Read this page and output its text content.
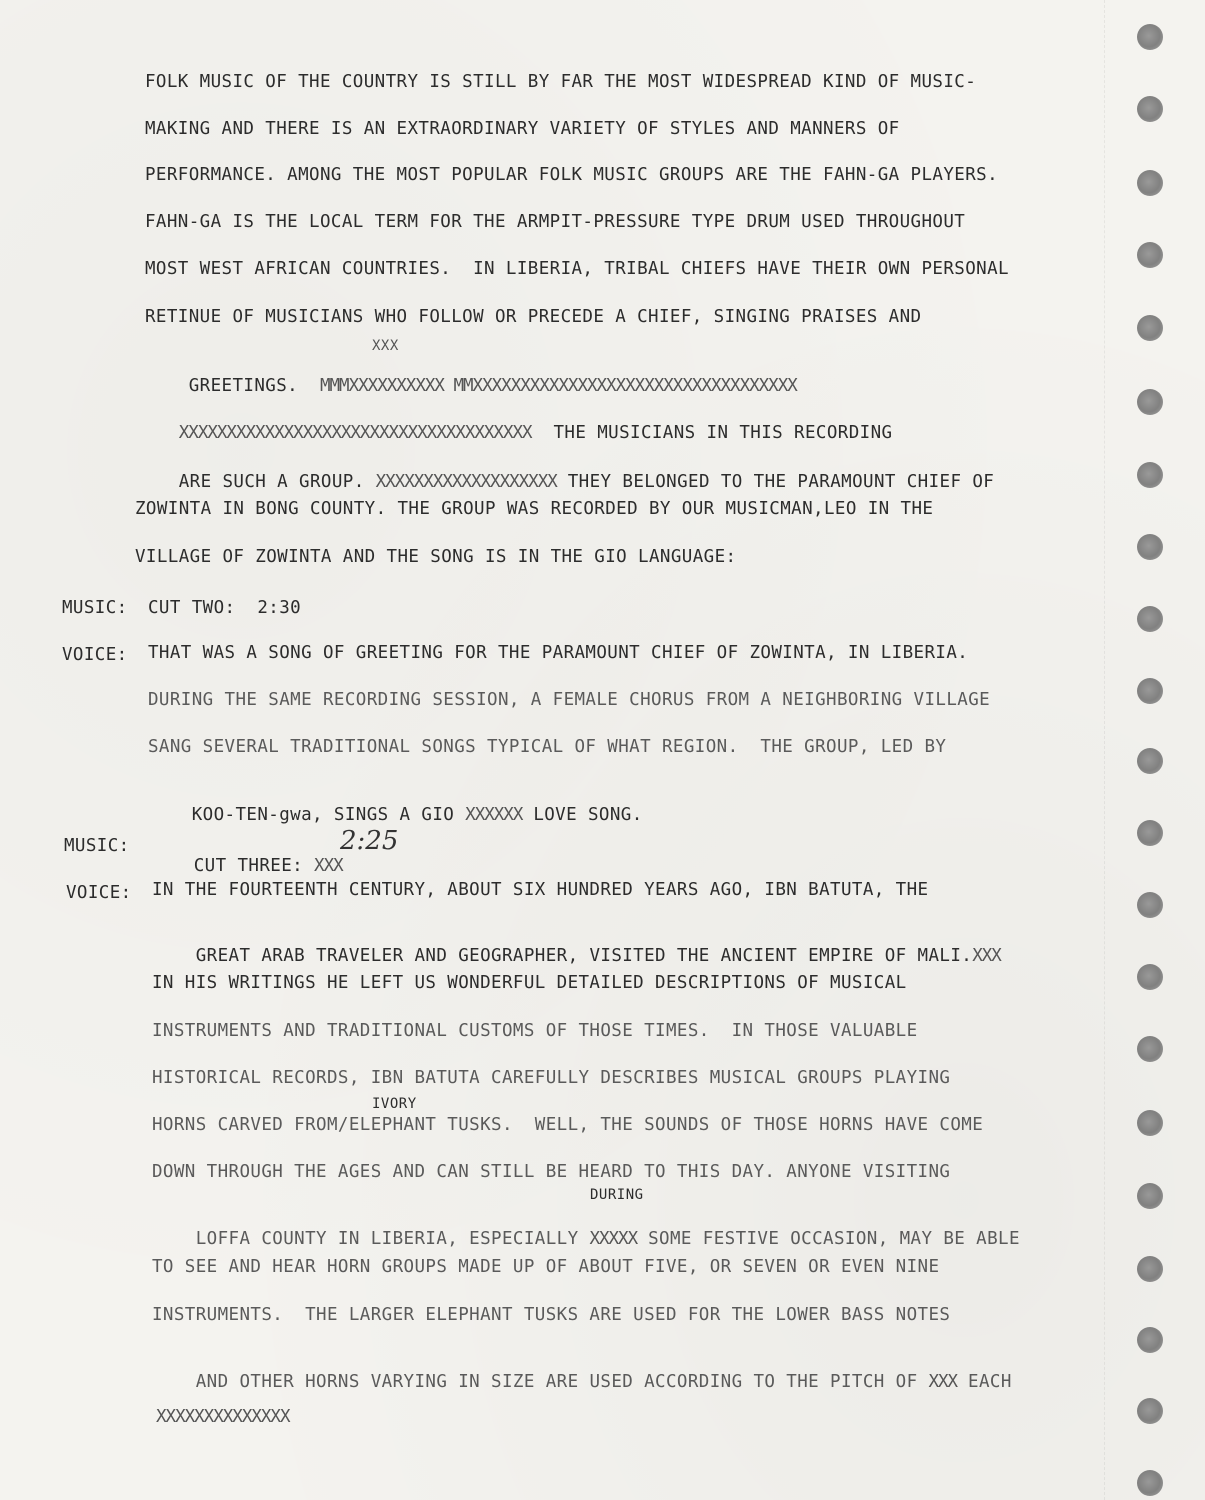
FOLK MUSIC OF THE COUNTRY IS STILL BY FAR THE MOST WIDESPREAD KIND OF MUSIC-
MAKING AND THERE IS AN EXTRAORDINARY VARIETY OF STYLES AND MANNERS OF
PERFORMANCE. AMONG THE MOST POPULAR FOLK MUSIC GROUPS ARE THE FAHN-GA PLAYERS.
FAHN-GA IS THE LOCAL TERM FOR THE ARMPIT-PRESSURE TYPE DRUM USED THROUGHOUT
MOST WEST AFRICAN COUNTRIES.  IN LIBERIA, TRIBAL CHIEFS HAVE THEIR OWN PERSONAL
RETINUE OF MUSICIANS WHO FOLLOW OR PRECEDE A CHIEF, SINGING PRAISES AND
XXX

GREETINGS. MMMXXXXXXXXXX MMXXXXXXXXXXXXXXXXXXXXXXXXXXXXXXXXXX

XXXXXXXXXXXXXXXXXXXXXXXXXXXXXXXXXXXXX THE MUSICIANS IN THIS RECORDING

ARE SUCH A GROUP. XXXXXXXXXXXXXXXXXXX THEY BELONGED TO THE PARAMOUNT CHIEF OF

ZOWINTA IN BONG COUNTY. THE GROUP WAS RECORDED BY OUR MUSICMAN,LEO IN THE
VILLAGE OF ZOWINTA AND THE SONG IS IN THE GIO LANGUAGE:
MUSIC: CUT TWO:  2:30
VOICE: THAT WAS A SONG OF GREETING FOR THE PARAMOUNT CHIEF OF ZOWINTA, IN LIBERIA.
DURING THE SAME RECORDING SESSION, A FEMALE CHORUS FROM A NEIGHBORING VILLAGE
SANG SEVERAL TRADITIONAL SONGS TYPICAL OF WHAT REGION.  THE GROUP, LED BY

KOO-TEN-gwa, SINGS A GIO XXXXXX LOVE SONG.

MUSIC:

CUT THREE: XXX

2:25
VOICE: IN THE FOURTEENTH CENTURY, ABOUT SIX HUNDRED YEARS AGO, IBN BATUTA, THE

GREAT ARAB TRAVELER AND GEOGRAPHER, VISITED THE ANCIENT EMPIRE OF MALI.XXX

IN HIS WRITINGS HE LEFT US WONDERFUL DETAILED DESCRIPTIONS OF MUSICAL
INSTRUMENTS AND TRADITIONAL CUSTOMS OF THOSE TIMES.  IN THOSE VALUABLE
HISTORICAL RECORDS, IBN BATUTA CAREFULLY DESCRIBES MUSICAL GROUPS PLAYING
IVORY
HORNS CARVED FROM/ELEPHANT TUSKS.  WELL, THE SOUNDS OF THOSE HORNS HAVE COME
DOWN THROUGH THE AGES AND CAN STILL BE HEARD TO THIS DAY. ANYONE VISITING
DURING

LOFFA COUNTY IN LIBERIA, ESPECIALLY XXXXX SOME FESTIVE OCCASION, MAY BE ABLE

TO SEE AND HEAR HORN GROUPS MADE UP OF ABOUT FIVE, OR SEVEN OR EVEN NINE
INSTRUMENTS.  THE LARGER ELEPHANT TUSKS ARE USED FOR THE LOWER BASS NOTES

AND OTHER HORNS VARYING IN SIZE ARE USED ACCORDING TO THE PITCH OF XXX EACH

XXXXXXXXXXXXXX
